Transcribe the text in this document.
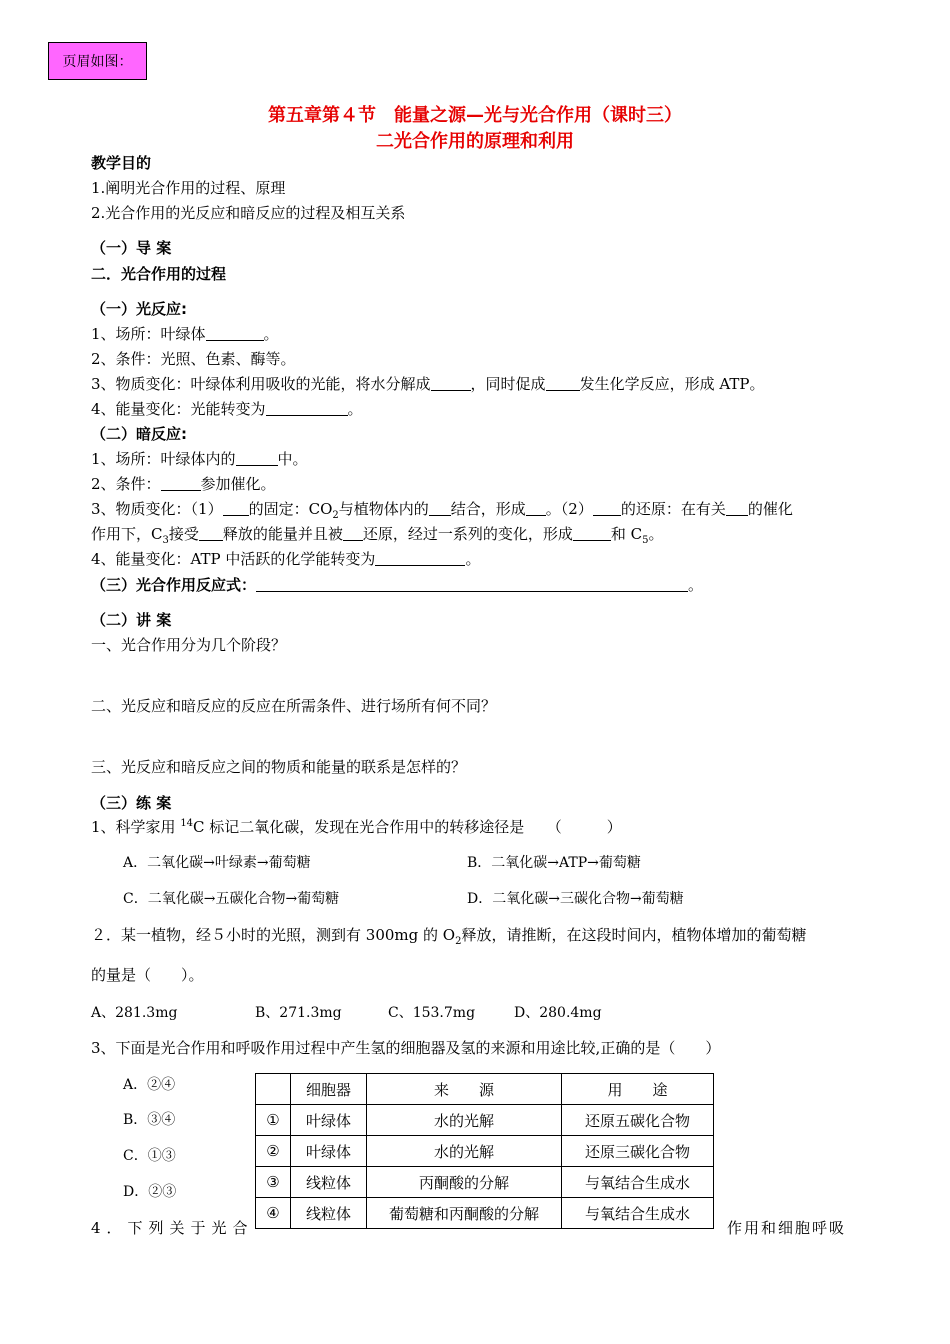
页眉如图：
第五章第４节　能量之源—光与光合作用（课时三）
二光合作用的原理和利用
教学目的
1.阐明光合作用的过程、原理
2.光合作用的光反应和暗反应的过程及相互关系
（一）导 案
二．光合作用的过程
（一）光反应:
1、场所：叶绿体	。
2、条件：光照、色素、酶等。
3、物质变化：叶绿体利用吸收的光能，将水分解成	，同时促成 发生化学反应，形成 ATP。
4、能量变化：光能转变为	。
（二）暗反应:
1、场所：叶绿体内的	中。
2、条件：	参加催化。
3、物质变化：（1） 的固定：$CO_2$与植物体内的 结合，形成 。（2） 的还原：在有关 的催化
作用下，$C_3$接受 释放的能量并且被 还原，经过一系列的变化，形成	和 $C_5$。
4、能量变化：ATP 中活跃的化学能转变为	。
（三）光合作用反应式：	。
（二）讲 案
一、光合作用分为几个阶段？
二、光反应和暗反应的反应在所需条件、进行场所有何不同？
三、光反应和暗反应之间的物质和能量的联系是怎样的？
（三）练 案
1、科学家用 $^{14}$C 标记二氧化碳，发现在光合作用中的转移途径是　　（　　　）
A．二氧化碳→叶绿素→葡萄糖	B．二氧化碳→ATP→葡萄糖
C．二氧化碳→五碳化合物→葡萄糖	D．二氧化碳→三碳化合物→葡萄糖
２．某一植物，经５小时的光照，测到有 300mg 的 $O_2$释放，请推断，在这段时间内，植物体增加的葡萄糖
的量是（　　）。
A、281.3mg	B、271.3mg	C、153.7mg	D、280.4mg
3、下面是光合作用和呼吸作用过程中产生氢的细胞器及氢的来源和用途比较,正确的是（　　）
A．②④
B．③④
C．①③
D．②③
	细胞器	来　　源	用　　途
①	叶绿体	水的光解	还原五碳化合物
②	叶绿体	水的光解	还原三碳化合物
③	线粒体	丙酮酸的分解	与氧结合生成水
④	线粒体	葡萄糖和丙酮酸的分解	与氧结合生成水
4．下列关于光合	作用和细胞呼吸
